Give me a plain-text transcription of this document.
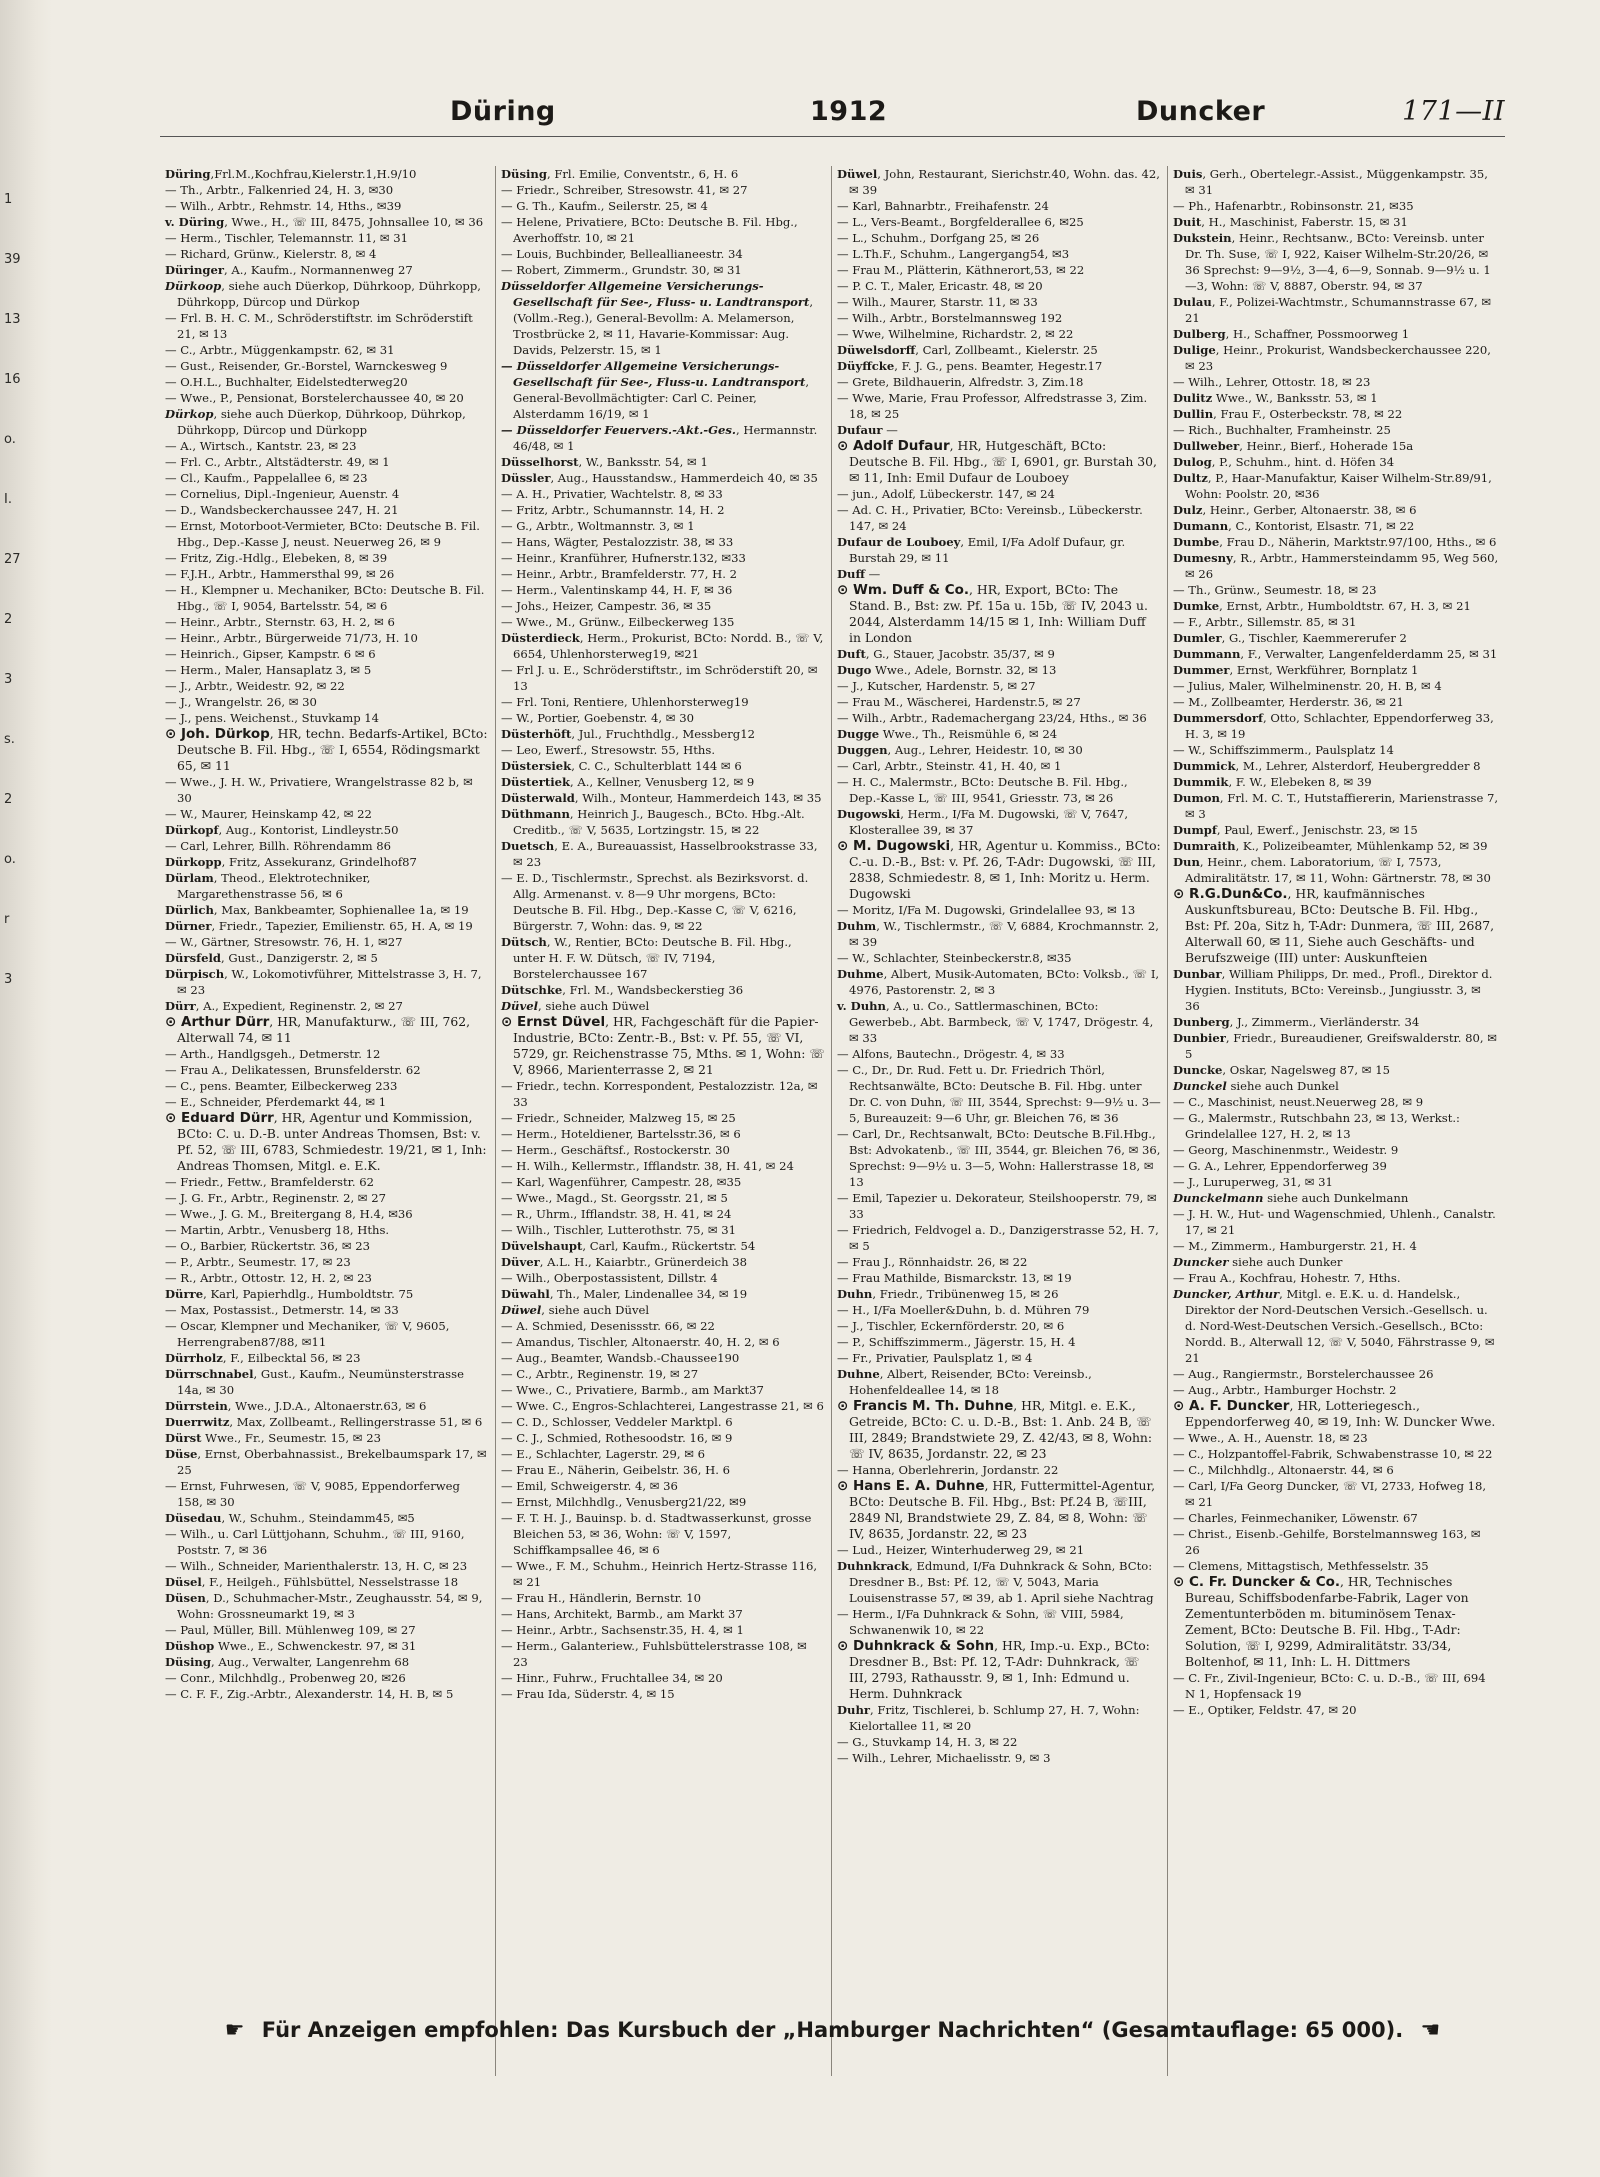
1
39
13
16
o.
I.
27
2
3
s.
2
o.
r
3
Düring	1912	Duncker	171—II

Düring,Frl.M.,Kochfrau,Kielerstr.1,H.9/10

— Th., Arbtr., Falkenried 24, H. 3, ✉30

— Wilh., Arbtr., Rehmstr. 14, Hths., ✉39

v. Düring, Wwe., H., ☏ III, 8475, Johnsallee 10, ✉ 36

— Herm., Tischler, Telemannstr. 11, ✉ 31

— Richard, Grünw., Kielerstr. 8, ✉ 4

Düringer, A., Kaufm., Normannenweg 27

Dürkoop, siehe auch Düerkop, Dührkoop, Dührkopp, Dührkopp, Dürcop und Dürkop

— Frl. B. H. C. M., Schröderstiftstr. im Schröderstift 21, ✉ 13

— C., Arbtr., Müggenkampstr. 62, ✉ 31

— Gust., Reisender, Gr.-Borstel, Warnckesweg 9

— O.H.L., Buchhalter, Eidelstedterweg20

— Wwe., P., Pensionat, Borstelerchaussee 40, ✉ 20

Dürkop, siehe auch Düerkop, Dührkoop, Dührkop, Dührkopp, Dürcop und Dürkopp

— A., Wirtsch., Kantstr. 23, ✉ 23

— Frl. C., Arbtr., Altstädterstr. 49, ✉ 1

— Cl., Kaufm., Pappelallee 6, ✉ 23

— Cornelius, Dipl.-Ingenieur, Auenstr. 4

— D., Wandsbeckerchaussee 247, H. 21

— Ernst, Motorboot-Vermieter, BCto: Deutsche B. Fil. Hbg., Dep.-Kasse J, neust. Neuerweg 26, ✉ 9

— Fritz, Zig.-Hdlg., Elebeken, 8, ✉ 39

— F.J.H., Arbtr., Hammersthal 99, ✉ 26

— H., Klempner u. Mechaniker, BCto: Deutsche B. Fil. Hbg., ☏ I, 9054, Bartelsstr. 54, ✉ 6

— Heinr., Arbtr., Sternstr. 63, H. 2, ✉ 6

— Heinr., Arbtr., Bürgerweide 71/73, H. 10

— Heinrich., Gipser, Kampstr. 6 ✉ 6

— Herm., Maler, Hansaplatz 3, ✉ 5

— J., Arbtr., Weidestr. 92, ✉ 22

— J., Wrangelstr. 26, ✉ 30

— J., pens. Weichenst., Stuvkamp 14

⊙ Joh. Dürkop, HR, techn. Bedarfs-Artikel, BCto: Deutsche B. Fil. Hbg., ☏ I, 6554, Rödingsmarkt 65, ✉ 11

— Wwe., J. H. W., Privatiere, Wrangelstrasse 82 b, ✉ 30

— W., Maurer, Heinskamp 42, ✉ 22

Dürkopf, Aug., Kontorist, Lindleystr.50

— Carl, Lehrer, Billh. Röhrendamm 86

Dürkopp, Fritz, Assekuranz, Grindelhof87

Dürlam, Theod., Elektrotechniker, Margarethenstrasse 56, ✉ 6

Dürlich, Max, Bankbeamter, Sophienallee 1a, ✉ 19

Dürner, Friedr., Tapezier, Emilienstr. 65, H. A, ✉ 19

— W., Gärtner, Stresowstr. 76, H. 1, ✉27

Dürsfeld, Gust., Danzigerstr. 2, ✉ 5

Dürpisch, W., Lokomotivführer, Mittelstrasse 3, H. 7, ✉ 23

Dürr, A., Expedient, Reginenstr. 2, ✉ 27

⊙ Arthur Dürr, HR, Manufakturw., ☏ III, 762, Alterwall 74, ✉ 11

— Arth., Handlgsgeh., Detmerstr. 12

— Frau A., Delikatessen, Brunsfelderstr. 62

— C., pens. Beamter, Eilbeckerweg 233

— E., Schneider, Pferdemarkt 44, ✉ 1

⊙ Eduard Dürr, HR, Agentur und Kommission, BCto: C. u. D.-B. unter Andreas Thomsen, Bst: v. Pf. 52, ☏ III, 6783, Schmiedestr. 19/21, ✉ 1, Inh: Andreas Thomsen, Mitgl. e. E.K.

— Friedr., Fettw., Bramfelderstr. 62

— J. G. Fr., Arbtr., Reginenstr. 2, ✉ 27

— Wwe., J. G. M., Breitergang 8, H.4, ✉36

— Martin, Arbtr., Venusberg 18, Hths.

— O., Barbier, Rückertstr. 36, ✉ 23

— P., Arbtr., Seumestr. 17, ✉ 23

— R., Arbtr., Ottostr. 12, H. 2, ✉ 23

Dürre, Karl, Papierhdlg., Humboldtstr. 75

— Max, Postassist., Detmerstr. 14, ✉ 33

— Oscar, Klempner und Mechaniker, ☏ V, 9605, Herrengraben87/88, ✉11

Dürrholz, F., Eilbecktal 56, ✉ 23

Dürrschnabel, Gust., Kaufm., Neumünsterstrasse 14a, ✉ 30

Dürrstein, Wwe., J.D.A., Altonaerstr.63, ✉ 6

Duerrwitz, Max, Zollbeamt., Rellingerstrasse 51, ✉ 6

Dürst Wwe., Fr., Seumestr. 15, ✉ 23

Düse, Ernst, Oberbahnassist., Brekelbaumspark 17, ✉ 25

— Ernst, Fuhrwesen, ☏ V, 9085, Eppendorferweg 158, ✉ 30

Düsedau, W., Schuhm., Steindamm45, ✉5

— Wilh., u. Carl Lüttjohann, Schuhm., ☏ III, 9160, Poststr. 7, ✉ 36

— Wilh., Schneider, Marienthalerstr. 13, H. C, ✉ 23

Düsel, F., Heilgeh., Fühlsbüttel, Nesselstrasse 18

Düsen, D., Schuhmacher-Mstr., Zeughausstr. 54, ✉ 9, Wohn: Grossneumarkt 19, ✉ 3

— Paul, Müller, Bill. Mühlenweg 109, ✉ 27

Düshop Wwe., E., Schwenckestr. 97, ✉ 31

Düsing, Aug., Verwalter, Langenrehm 68

— Conr., Milchhdlg., Probenweg 20, ✉26

— C. F. F., Zig.-Arbtr., Alexanderstr. 14, H. B, ✉ 5

Düsing, Frl. Emilie, Conventstr., 6, H. 6

— Friedr., Schreiber, Stresowstr. 41, ✉ 27

— G. Th., Kaufm., Seilerstr. 25, ✉ 4

— Helene, Privatiere, BCto: Deutsche B. Fil. Hbg., Averhoffstr. 10, ✉ 21

— Louis, Buchbinder, Belleallianeestr. 34

— Robert, Zimmerm., Grundstr. 30, ✉ 31

Düsseldorfer Allgemeine Versicherungs-Gesellschaft für See-, Fluss- u. Landtransport, (Vollm.-Reg.), General-Bevollm: A. Melamerson, Trostbrücke 2, ✉ 11, Havarie-Kommissar: Aug. Davids, Pelzerstr. 15, ✉ 1

— Düsseldorfer Allgemeine Versicherungs-Gesellschaft für See-, Fluss-u. Landtransport, General-Bevollmächtigter: Carl C. Peiner, Alsterdamm 16/19, ✉ 1

— Düsseldorfer Feuervers.-Akt.-Ges., Hermannstr. 46/48, ✉ 1

Düsselhorst, W., Banksstr. 54, ✉ 1

Düssler, Aug., Hausstandsw., Hammerdeich 40, ✉ 35

— A. H., Privatier, Wachtelstr. 8, ✉ 33

— Fritz, Arbtr., Schumannstr. 14, H. 2

— G., Arbtr., Woltmannstr. 3, ✉ 1

— Hans, Wägter, Pestalozzistr. 38, ✉ 33

— Heinr., Kranführer, Hufnerstr.132, ✉33

— Heinr., Arbtr., Bramfelderstr. 77, H. 2

— Herm., Valentinskamp 44, H. F, ✉ 36

— Johs., Heizer, Campestr. 36, ✉ 35

— Wwe., M., Grünw., Eilbeckerweg 135

Düsterdieck, Herm., Prokurist, BCto: Nordd. B., ☏ V, 6654, Uhlenhorsterweg19, ✉21

— Frl J. u. E., Schröderstiftstr., im Schröderstift 20, ✉ 13

— Frl. Toni, Rentiere, Uhlenhorsterweg19

— W., Portier, Goebenstr. 4, ✉ 30

Düsterhöft, Jul., Fruchthdlg., Messberg12

— Leo, Ewerf., Stresowstr. 55, Hths.

Düstersiek, C. C., Schulterblatt 144 ✉ 6

Düstertiek, A., Kellner, Venusberg 12, ✉ 9

Düsterwald, Wilh., Monteur, Hammerdeich 143, ✉ 35

Düthmann, Heinrich J., Baugesch., BCto. Hbg.-Alt. Creditb., ☏ V, 5635, Lortzingstr. 15, ✉ 22

Duetsch, E. A., Bureauassist, Hasselbrookstrasse 33, ✉ 23

— E. D., Tischlermstr., Sprechst. als Bezirksvorst. d. Allg. Armenanst. v. 8—9 Uhr morgens, BCto: Deutsche B. Fil. Hbg., Dep.-Kasse C, ☏ V, 6216, Bürgerstr. 7, Wohn: das. 9, ✉ 22

Dütsch, W., Rentier, BCto: Deutsche B. Fil. Hbg., unter H. F. W. Dütsch, ☏ IV, 7194, Borstelerchaussee 167

Dütschke, Frl. M., Wandsbeckerstieg 36

Düvel, siehe auch Düwel

⊙ Ernst Düvel, HR, Fachgeschäft für die Papier-Industrie, BCto: Zentr.-B., Bst: v. Pf. 55, ☏ VI, 5729, gr. Reichenstrasse 75, Mths. ✉ 1, Wohn: ☏ V, 8966, Marienterrasse 2, ✉ 21

— Friedr., techn. Korrespondent, Pestalozzistr. 12a, ✉ 33

— Friedr., Schneider, Malzweg 15, ✉ 25

— Herm., Hoteldiener, Bartelsstr.36, ✉ 6

— Herm., Geschäftsf., Rostockerstr. 30

— H. Wilh., Kellermstr., Ifflandstr. 38, H. 41, ✉ 24

— Karl, Wagenführer, Campestr. 28, ✉35

— Wwe., Magd., St. Georgsstr. 21, ✉ 5

— R., Uhrm., Ifflandstr. 38, H. 41, ✉ 24

— Wilh., Tischler, Lutterothstr. 75, ✉ 31

Düvelshaupt, Carl, Kaufm., Rückertstr. 54

Düver, A.L. H., Kaiarbtr., Grünerdeich 38

— Wilh., Oberpostassistent, Dillstr. 4

Düwahl, Th., Maler, Lindenallee 34, ✉ 19

Düwel, siehe auch Düvel

— A. Schmied, Desenissstr. 66, ✉ 22

— Amandus, Tischler, Altonaerstr. 40, H. 2, ✉ 6

— Aug., Beamter, Wandsb.-Chaussee190

— C., Arbtr., Reginenstr. 19, ✉ 27

— Wwe., C., Privatiere, Barmb., am Markt37

— Wwe. C., Engros-Schlachterei, Langestrasse 21, ✉ 6

— C. D., Schlosser, Veddeler Marktpl. 6

— C. J., Schmied, Rothesoodstr. 16, ✉ 9

— E., Schlachter, Lagerstr. 29, ✉ 6

— Frau E., Näherin, Geibelstr. 36, H. 6

— Emil, Schweigerstr. 4, ✉ 36

— Ernst, Milchhdlg., Venusberg21/22, ✉9

— F. T. H. J., Bauinsp. b. d. Stadtwasserkunst, grosse Bleichen 53, ✉ 36, Wohn: ☏ V, 1597, Schiffkampsallee 46, ✉ 6

— Wwe., F. M., Schuhm., Heinrich Hertz-Strasse 116, ✉ 21

— Frau H., Händlerin, Bernstr. 10

— Hans, Architekt, Barmb., am Markt 37

— Heinr., Arbtr., Sachsenstr.35, H. 4, ✉ 1

— Herm., Galanteriew., Fuhlsbüttelerstrasse 108, ✉ 23

— Hinr., Fuhrw., Fruchtallee 34, ✉ 20

— Frau Ida, Süderstr. 4, ✉ 15

Düwel, John, Restaurant, Sierichstr.40, Wohn. das. 42, ✉ 39

— Karl, Bahnarbtr., Freihafenstr. 24

— L., Vers-Beamt., Borgfelderallee 6, ✉25

— L., Schuhm., Dorfgang 25, ✉ 26

— L.Th.F., Schuhm., Langergang54, ✉3

— Frau M., Plätterin, Käthnerort,53, ✉ 22

— P. C. T., Maler, Ericastr. 48, ✉ 20

— Wilh., Maurer, Starstr. 11, ✉ 33

— Wilh., Arbtr., Borstelmannsweg 192

— Wwe, Wilhelmine, Richardstr. 2, ✉ 22

Düwelsdorff, Carl, Zollbeamt., Kielerstr. 25

Düyffcke, F. J. G., pens. Beamter, Hegestr.17

— Grete, Bildhauerin, Alfredstr. 3, Zim.18

— Wwe, Marie, Frau Professor, Alfredstrasse 3, Zim. 18, ✉ 25

Dufaur —

⊙ Adolf Dufaur, HR, Hutgeschäft, BCto: Deutsche B. Fil. Hbg., ☏ I, 6901, gr. Burstah 30, ✉ 11, Inh: Emil Dufaur de Louboey

— jun., Adolf, Lübeckerstr. 147, ✉ 24

— Ad. C. H., Privatier, BCto: Vereinsb., Lübeckerstr. 147, ✉ 24

Dufaur de Louboey, Emil, I/Fa Adolf Dufaur, gr. Burstah 29, ✉ 11

Duff —

⊙ Wm. Duff & Co., HR, Export, BCto: The Stand. B., Bst: zw. Pf. 15a u. 15b, ☏ IV, 2043 u. 2044, Alsterdamm 14/15 ✉ 1, Inh: William Duff in London

Duft, G., Stauer, Jacobstr. 35/37, ✉ 9

Dugo Wwe., Adele, Bornstr. 32, ✉ 13

— J., Kutscher, Hardenstr. 5, ✉ 27

— Frau M., Wäscherei, Hardenstr.5, ✉ 27

— Wilh., Arbtr., Rademachergang 23/24, Hths., ✉ 36

Dugge Wwe., Th., Reismühle 6, ✉ 24

Duggen, Aug., Lehrer, Heidestr. 10, ✉ 30

— Carl, Arbtr., Steinstr. 41, H. 40, ✉ 1

— H. C., Malermstr., BCto: Deutsche B. Fil. Hbg., Dep.-Kasse L, ☏ III, 9541, Griesstr. 73, ✉ 26

Dugowski, Herm., I/Fa M. Dugowski, ☏ V, 7647, Klosterallee 39, ✉ 37

⊙ M. Dugowski, HR, Agentur u. Kommiss., BCto: C.-u. D.-B., Bst: v. Pf. 26, T-Adr: Dugowski, ☏ III, 2838, Schmiedestr. 8, ✉ 1, Inh: Moritz u. Herm. Dugowski

— Moritz, I/Fa M. Dugowski, Grindelallee 93, ✉ 13

Duhm, W., Tischlermstr., ☏ V, 6884, Krochmannstr. 2, ✉ 39

— W., Schlachter, Steinbeckerstr.8, ✉35

Duhme, Albert, Musik-Automaten, BCto: Volksb., ☏ I, 4976, Pastorenstr. 2, ✉ 3

v. Duhn, A., u. Co., Sattlermaschinen, BCto: Gewerbeb., Abt. Barmbeck, ☏ V, 1747, Drögestr. 4, ✉ 33

— Alfons, Bautechn., Drögestr. 4, ✉ 33

— C., Dr., Dr. Rud. Fett u. Dr. Friedrich Thörl, Rechtsanwälte, BCto: Deutsche B. Fil. Hbg. unter Dr. C. von Duhn, ☏ III, 3544, Sprechst: 9—9½ u. 3—5, Bureauzeit: 9—6 Uhr, gr. Bleichen 76, ✉ 36

— Carl, Dr., Rechtsanwalt, BCto: Deutsche B.Fil.Hbg., Bst: Advokatenb., ☏ III, 3544, gr. Bleichen 76, ✉ 36, Sprechst: 9—9½ u. 3—5, Wohn: Hallerstrasse 18, ✉ 13

— Emil, Tapezier u. Dekorateur, Steilshooperstr. 79, ✉ 33

— Friedrich, Feldvogel a. D., Danzigerstrasse 52, H. 7, ✉ 5

— Frau J., Rönnhaidstr. 26, ✉ 22

— Frau Mathilde, Bismarckstr. 13, ✉ 19

Duhn, Friedr., Tribünenweg 15, ✉ 26

— H., I/Fa Moeller&Duhn, b. d. Mühren 79

— J., Tischler, Eckernförderstr. 20, ✉ 6

— P., Schiffszimmerm., Jägerstr. 15, H. 4

— Fr., Privatier, Paulsplatz 1, ✉ 4

Duhne, Albert, Reisender, BCto: Vereinsb., Hohenfeldeallee 14, ✉ 18

⊙ Francis M. Th. Duhne, HR, Mitgl. e. E.K., Getreide, BCto: C. u. D.-B., Bst: 1. Anb. 24 B, ☏ III, 2849; Brandstwiete 29, Z. 42/43, ✉ 8, Wohn: ☏ IV, 8635, Jordanstr. 22, ✉ 23

— Hanna, Oberlehrerin, Jordanstr. 22

⊙ Hans E. A. Duhne, HR, Futtermittel-Agentur, BCto: Deutsche B. Fil. Hbg., Bst: Pf.24 B, ☏III, 2849 Nl, Brandstwiete 29, Z. 84, ✉ 8, Wohn: ☏ IV, 8635, Jordanstr. 22, ✉ 23

— Lud., Heizer, Winterhuderweg 29, ✉ 21

Duhnkrack, Edmund, I/Fa Duhnkrack & Sohn, BCto: Dresdner B., Bst: Pf. 12, ☏ V, 5043, Maria Louisenstrasse 57, ✉ 39, ab 1. April siehe Nachtrag

— Herm., I/Fa Duhnkrack & Sohn, ☏ VIII, 5984, Schwanenwik 10, ✉ 22

⊙ Duhnkrack & Sohn, HR, Imp.-u. Exp., BCto: Dresdner B., Bst: Pf. 12, T-Adr: Duhnkrack, ☏ III, 2793, Rathausstr. 9, ✉ 1, Inh: Edmund u. Herm. Duhnkrack

Duhr, Fritz, Tischlerei, b. Schlump 27, H. 7, Wohn: Kielortallee 11, ✉ 20

— G., Stuvkamp 14, H. 3, ✉ 22

— Wilh., Lehrer, Michaelisstr. 9, ✉ 3

Duis, Gerh., Obertelegr.-Assist., Müggenkampstr. 35, ✉ 31

— Ph., Hafenarbtr., Robinsonstr. 21, ✉35

Duit, H., Maschinist, Faberstr. 15, ✉ 31

Dukstein, Heinr., Rechtsanw., BCto: Vereinsb. unter Dr. Th. Suse, ☏ I, 922, Kaiser Wilhelm-Str.20/26, ✉36 Sprechst: 9—9½, 3—4, 6—9, Sonnab. 9—9½ u. 1—3, Wohn: ☏ V, 8887, Oberstr. 94, ✉ 37

Dulau, F., Polizei-Wachtmstr., Schumannstrasse 67, ✉ 21

Dulberg, H., Schaffner, Possmoorweg 1

Dulige, Heinr., Prokurist, Wandsbeckerchaussee 220, ✉ 23

— Wilh., Lehrer, Ottostr. 18, ✉ 23

Dulitz Wwe., W., Banksstr. 53, ✉ 1

Dullin, Frau F., Osterbeckstr. 78, ✉ 22

— Rich., Buchhalter, Framheinstr. 25

Dullweber, Heinr., Bierf., Hoherade 15a

Dulog, P., Schuhm., hint. d. Höfen 34

Dultz, P., Haar-Manufaktur, Kaiser Wilhelm-Str.89/91, Wohn: Poolstr. 20, ✉36

Dulz, Heinr., Gerber, Altonaerstr. 38, ✉ 6

Dumann, C., Kontorist, Elsastr. 71, ✉ 22

Dumbe, Frau D., Näherin, Marktstr.97/100, Hths., ✉ 6

Dumesny, R., Arbtr., Hammersteindamm 95, Weg 560, ✉ 26

— Th., Grünw., Seumestr. 18, ✉ 23

Dumke, Ernst, Arbtr., Humboldtstr. 67, H. 3, ✉ 21

— F., Arbtr., Sillemstr. 85, ✉ 31

Dumler, G., Tischler, Kaemmererufer 2

Dummann, F., Verwalter, Langenfelderdamm 25, ✉ 31

Dummer, Ernst, Werkführer, Bornplatz 1

— Julius, Maler, Wilhelminenstr. 20, H. B, ✉ 4

— M., Zollbeamter, Herderstr. 36, ✉ 21

Dummersdorf, Otto, Schlachter, Eppendorferweg 33, H. 3, ✉ 19

— W., Schiffszimmerm., Paulsplatz 14

Dummick, M., Lehrer, Alsterdorf, Heubergredder 8

Dummik, F. W., Elebeken 8, ✉ 39

Dumon, Frl. M. C. T., Hutstaffiererin, Marienstrasse 7, ✉ 3

Dumpf, Paul, Ewerf., Jenischstr. 23, ✉ 15

Dumraith, K., Polizeibeamter, Mühlenkamp 52, ✉ 39

Dun, Heinr., chem. Laboratorium, ☏ I, 7573, Admiralitätstr. 17, ✉ 11, Wohn: Gärtnerstr. 78, ✉ 30

⊙ R.G.Dun&Co., HR, kaufmännisches Auskunftsbureau, BCto: Deutsche B. Fil. Hbg., Bst: Pf. 20a, Sitz h, T-Adr: Dunmera, ☏ III, 2687, Alterwall 60, ✉ 11, Siehe auch Geschäfts- und Berufszweige (III) unter: Auskunfteien

Dunbar, William Philipps, Dr. med., Profl., Direktor d. Hygien. Instituts, BCto: Vereinsb., Jungiusstr. 3, ✉ 36

Dunberg, J., Zimmerm., Vierländerstr. 34

Dunbier, Friedr., Bureaudiener, Greifswalderstr. 80, ✉ 5

Duncke, Oskar, Nagelsweg 87, ✉ 15

Dunckel siehe auch Dunkel

— C., Maschinist, neust.Neuerweg 28, ✉ 9

— G., Malermstr., Rutschbahn 23, ✉ 13, Werkst.: Grindelallee 127, H. 2, ✉ 13

— Georg, Maschinenmstr., Weidestr. 9

— G. A., Lehrer, Eppendorferweg 39

— J., Luruperweg, 31, ✉ 31

Dunckelmann siehe auch Dunkelmann

— J. H. W., Hut- und Wagenschmied, Uhlenh., Canalstr. 17, ✉ 21

— M., Zimmerm., Hamburgerstr. 21, H. 4

Duncker siehe auch Dunker

— Frau A., Kochfrau, Hohestr. 7, Hths.

Duncker, Arthur, Mitgl. e. E.K. u. d. Handelsk., Direktor der Nord-Deutschen Versich.-Gesellsch. u. d. Nord-West-Deutschen Versich.-Gesellsch., BCto: Nordd. B., Alterwall 12, ☏ V, 5040, Fährstrasse 9, ✉ 21

— Aug., Rangiermstr., Borstelerchaussee 26

— Aug., Arbtr., Hamburger Hochstr. 2

⊙ A. F. Duncker, HR, Lotteriegesch., Eppendorferweg 40, ✉ 19, Inh: W. Duncker Wwe.

— Wwe., A. H., Auenstr. 18, ✉ 23

— C., Holzpantoffel-Fabrik, Schwabenstrasse 10, ✉ 22

— C., Milchhdlg., Altonaerstr. 44, ✉ 6

— Carl, I/Fa Georg Duncker, ☏ VI, 2733, Hofweg 18, ✉ 21

— Charles, Feinmechaniker, Löwenstr. 67

— Christ., Eisenb.-Gehilfe, Borstelmannsweg 163, ✉ 26

— Clemens, Mittagstisch, Methfesselstr. 35

⊙ C. Fr. Duncker & Co., HR, Technisches Bureau, Schiffsbodenfarbe-Fabrik, Lager von Zementunterböden m. bituminösem Tenax-Zement, BCto: Deutsche B. Fil. Hbg., T-Adr: Solution, ☏ I, 9299, Admiralitätstr. 33/34, Boltenhof, ✉ 11, Inh: L. H. Dittmers

— C. Fr., Zivil-Ingenieur, BCto: C. u. D.-B., ☏ III, 694 N 1, Hopfensack 19

— E., Optiker, Feldstr. 47, ✉ 20

☛ Für Anzeigen empfohlen: Das Kursbuch der „Hamburger Nachrichten“ (Gesamtauflage: 65 000). ☚
